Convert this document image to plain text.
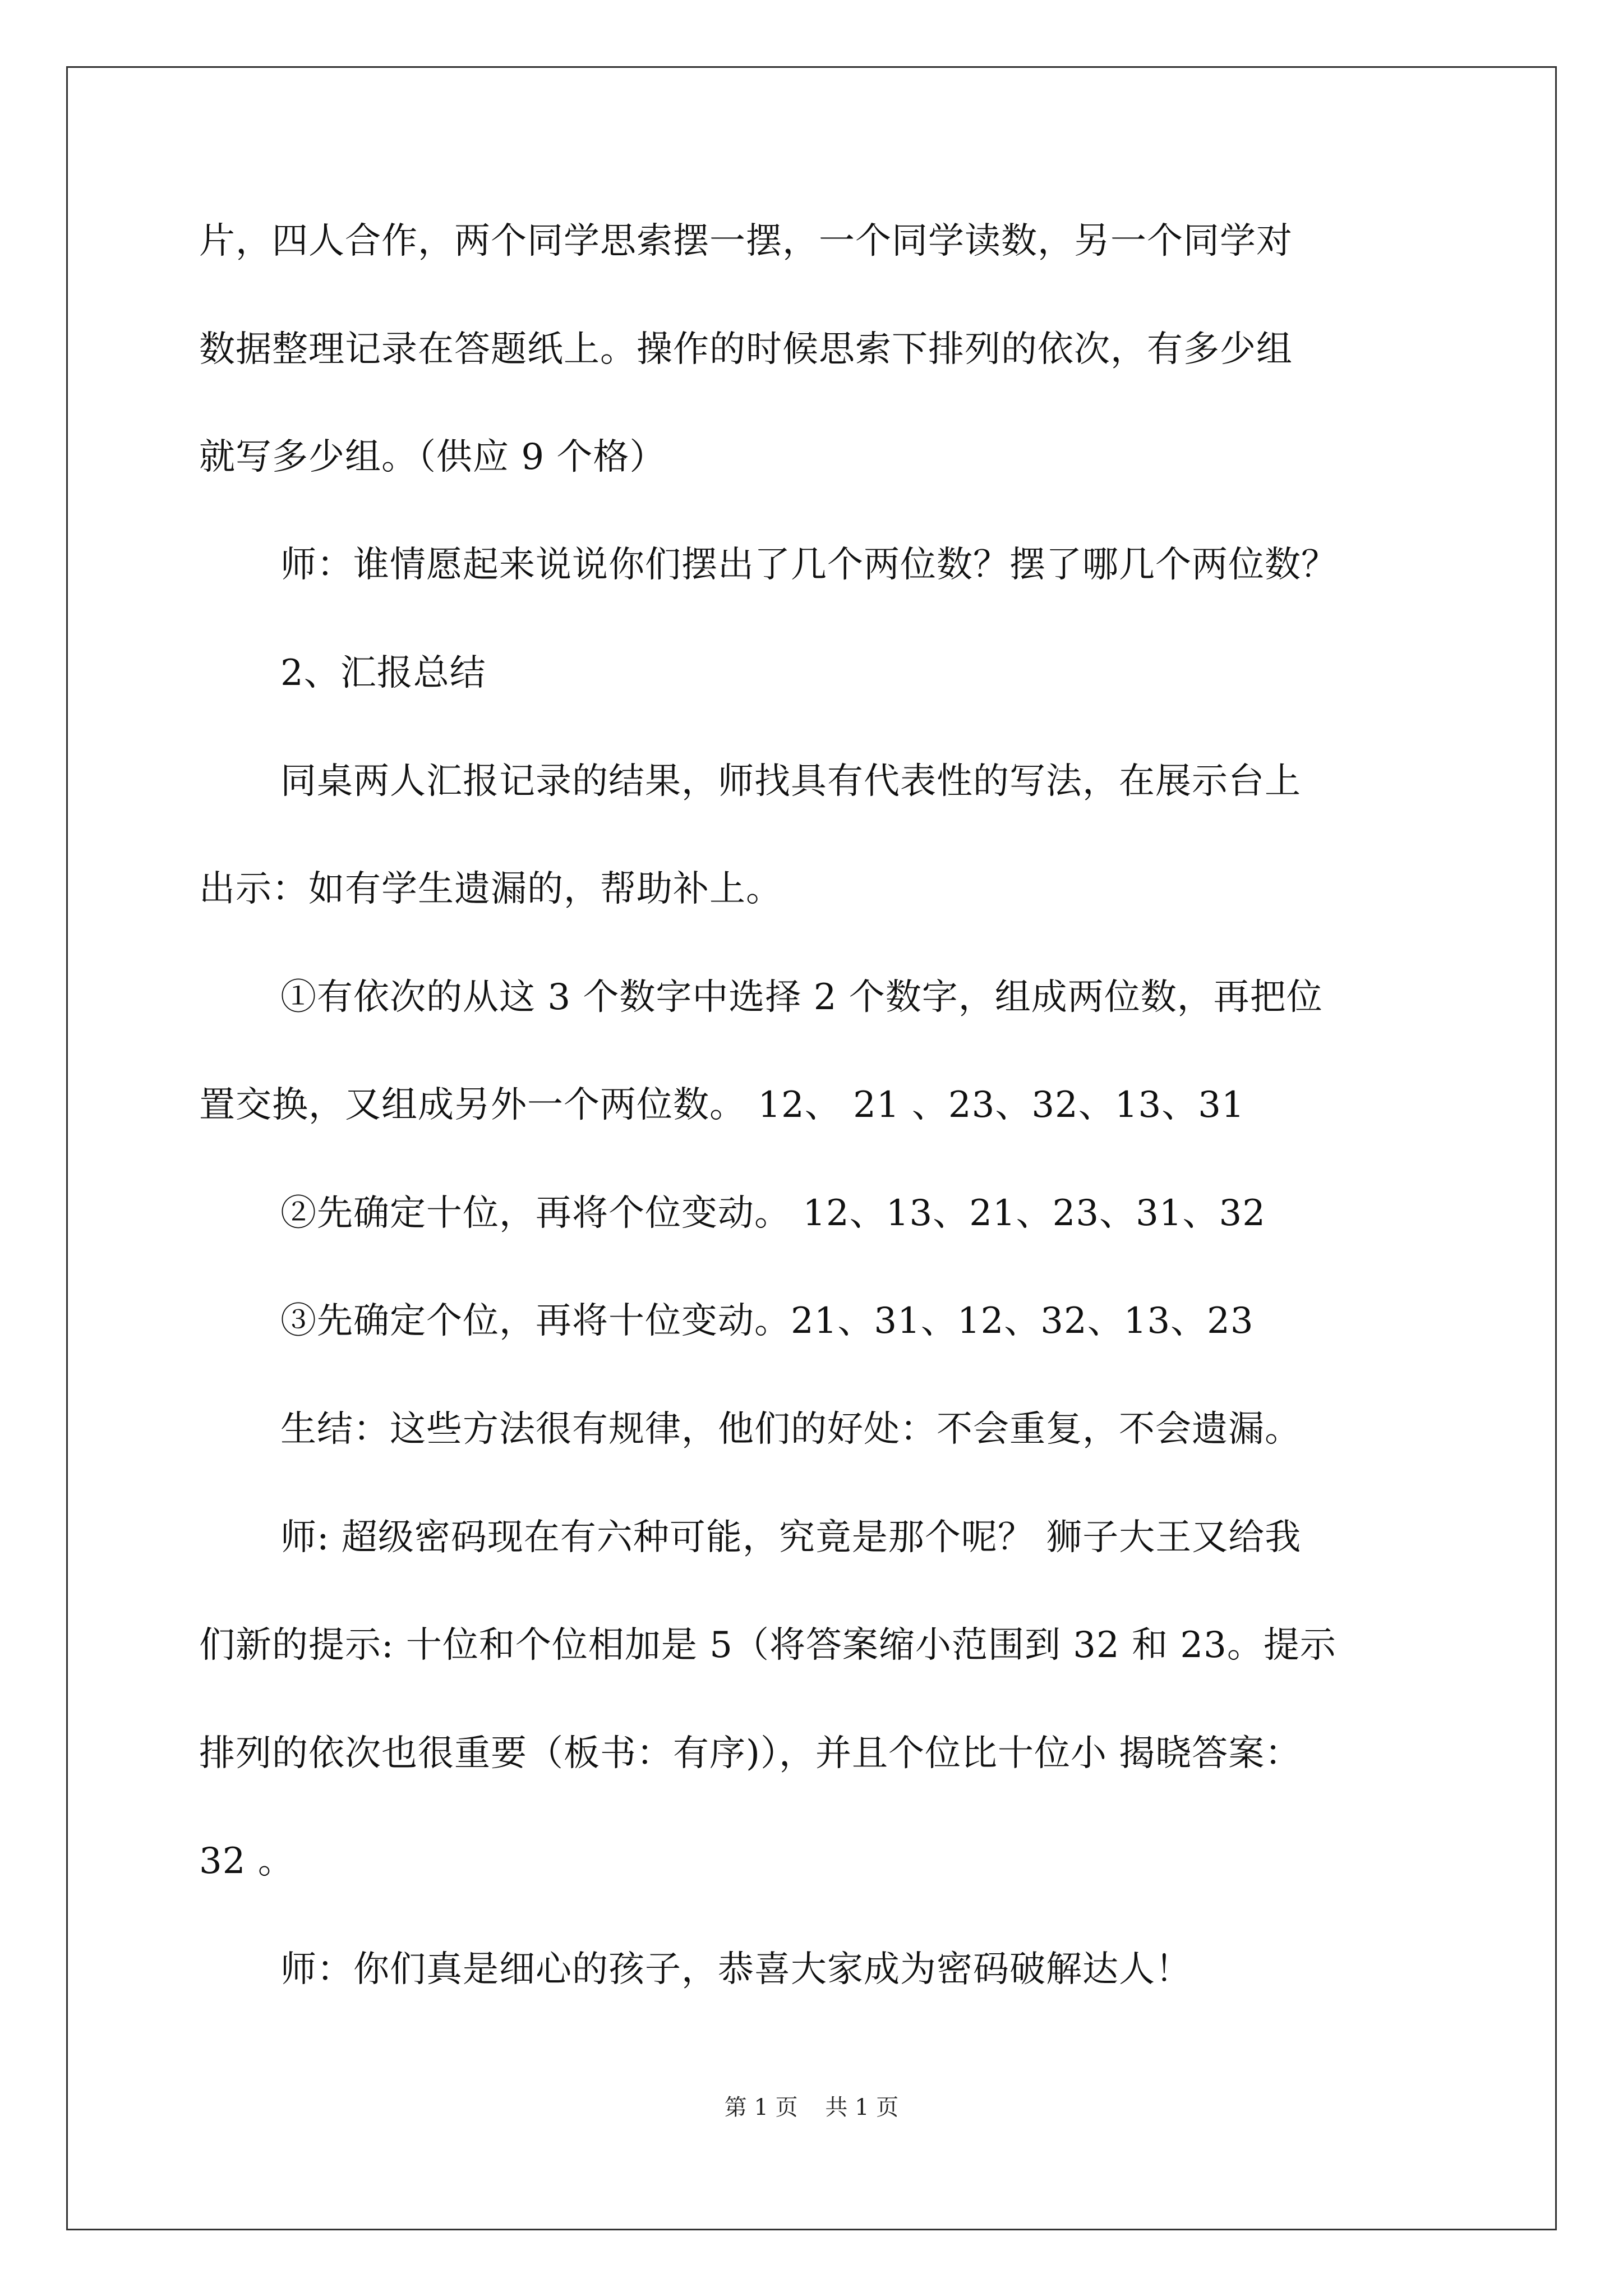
片，四人合作，两个同学思索摆一摆，一个同学读数，另一个同学对
数据整理记录在答题纸上。操作的时候思索下排列的依次，有多少组
就写多少组。（供应 9 个格）
师：谁情愿起来说说你们摆出了几个两位数？摆了哪几个两位数？
2、汇报总结
同桌两人汇报记录的结果，师找具有代表性的写法，在展示台上
出示：如有学生遗漏的，帮助补上。
①有依次的从这 3 个数字中选择 2 个数字，组成两位数，再把位
置交换，又组成另外一个两位数。 12、 21 、23、32、13、31
②先确定十位，再将个位变动。 12、13、21、23、31、32
③先确定个位，再将十位变动。21、31、12、32、13、23
生结：这些方法很有规律，他们的好处：不会重复，不会遗漏。
师: 超级密码现在有六种可能，究竟是那个呢？ 狮子大王又给我
们新的提示: 十位和个位相加是 5（将答案缩小范围到 32 和 23。提示
排列的依次也很重要（板书：有序)），并且个位比十位小 揭晓答案：
32 。
师：你们真是细心的孩子，恭喜大家成为密码破解达人！
第 1 页 共 1 页
